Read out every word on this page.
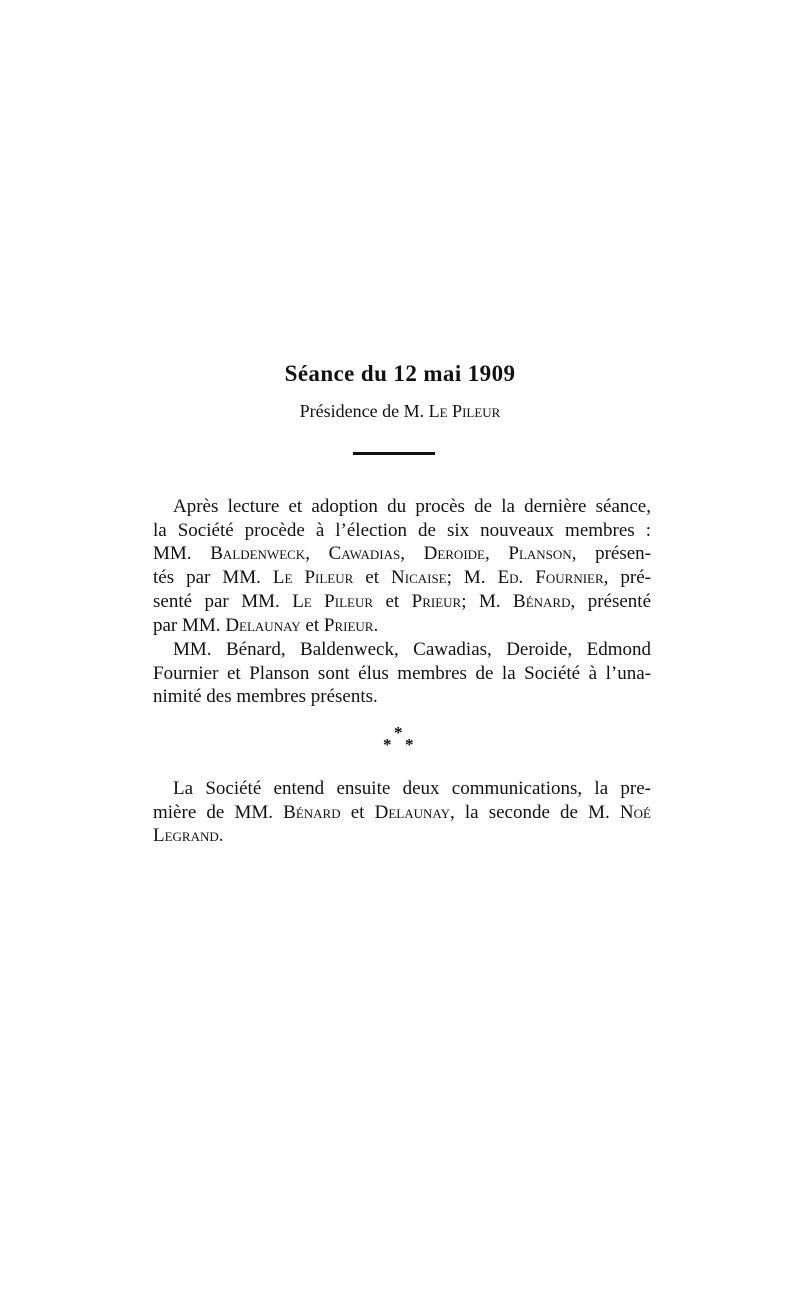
Séance du 12 mai 1909

Présidence de M. Le Pileur

Après lecture et adoption du procès de la dernière séance,
la Société procède à l’élection de six nouveaux membres :
MM. Baldenweck, Cawadias, Deroide, Planson, présen-
tés par MM. Le Pileur et Nicaise; M. Ed. Fournier, pré-
senté par MM. Le Pileur et Prieur; M. Bénard, présenté
par MM. Delaunay et Prieur.
MM. Bénard, Baldenweck, Cawadias, Deroide, Edmond
Fournier et Planson sont élus membres de la Société à l’una-
nimité des membres présents.
*
* *
La Société entend ensuite deux communications, la pre-
mière de MM. Bénard et Delaunay, la seconde de M. Noé
Legrand.
